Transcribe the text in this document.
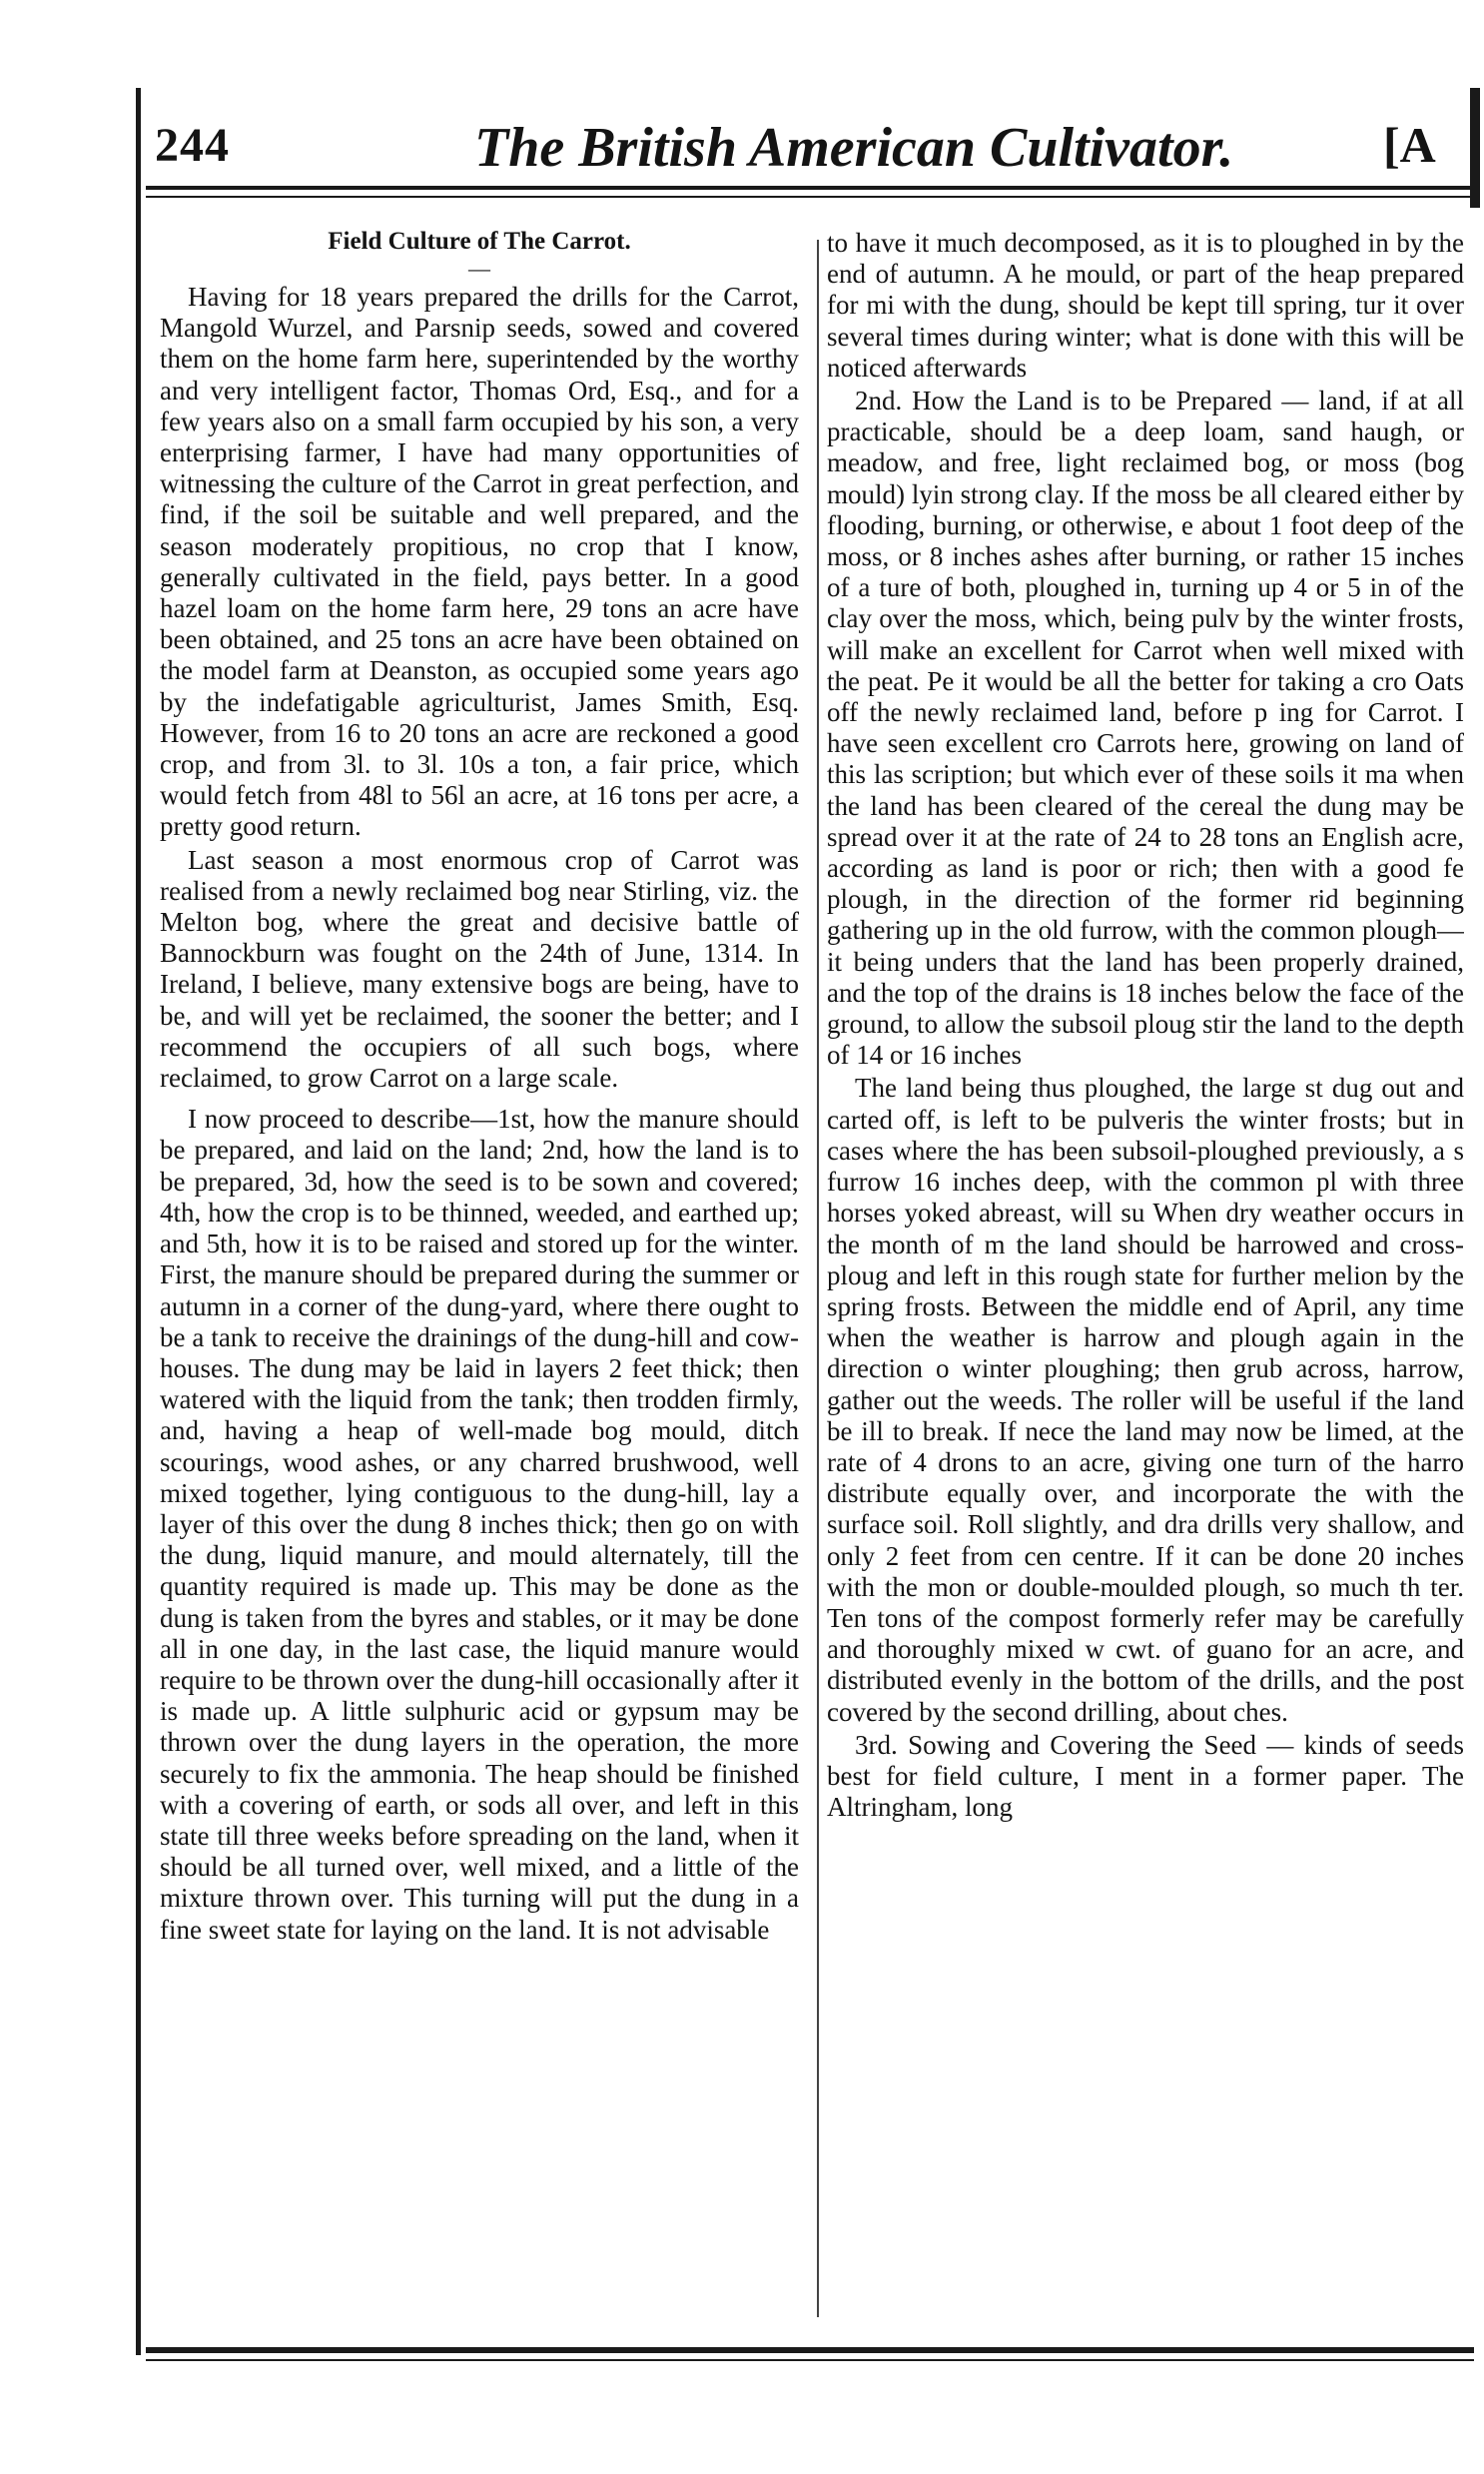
244	The British American Cultivator.	[A
Field Culture of The Carrot.
—

Having for 18 years prepared the drills for the Carrot, Mangold Wurzel, and Parsnip seeds, sowed and covered them on the home farm here, superintended by the worthy and very intelligent factor, Thomas Ord, Esq., and for a few years also on a small farm occupied by his son, a very enterprising farmer, I have had many opportunities of witnessing the culture of the Carrot in great perfection, and find, if the soil be suitable and well prepared, and the season moderately propitious, no crop that I know, generally cultivated in the field, pays better. In a good hazel loam on the home farm here, 29 tons an acre have been obtained, and 25 tons an acre have been obtained on the model farm at Deanston, as occupied some years ago by the indefatigable agriculturist, James Smith, Esq. However, from 16 to 20 tons an acre are reckoned a good crop, and from 3l. to 3l. 10s a ton, a fair price, which would fetch from 48l to 56l an acre, at 16 tons per acre, a pretty good return.

Last season a most enormous crop of Carrot was realised from a newly reclaimed bog near Stirling, viz. the Melton bog, where the great and decisive battle of Bannockburn was fought on the 24th of June, 1314. In Ireland, I believe, many extensive bogs are being, have to be, and will yet be reclaimed, the sooner the better; and I recommend the occupiers of all such bogs, where reclaimed, to grow Carrot on a large scale.

I now proceed to describe—1st, how the manure should be prepared, and laid on the land; 2nd, how the land is to be prepared, 3d, how the seed is to be sown and covered; 4th, how the crop is to be thinned, weeded, and earthed up; and 5th, how it is to be raised and stored up for the winter. First, the manure should be prepared during the summer or autumn in a corner of the dung-yard, where there ought to be a tank to receive the drainings of the dung-hill and cow-houses. The dung may be laid in layers 2 feet thick; then watered with the liquid from the tank; then trodden firmly, and, having a heap of well-made bog mould, ditch scourings, wood ashes, or any charred brushwood, well mixed together, lying contiguous to the dung-hill, lay a layer of this over the dung 8 inches thick; then go on with the dung, liquid manure, and mould alternately, till the quantity required is made up. This may be done as the dung is taken from the byres and stables, or it may be done all in one day, in the last case, the liquid manure would require to be thrown over the dung-hill occasionally after it is made up. A little sulphuric acid or gypsum may be thrown over the dung layers in the operation, the more securely to fix the ammonia. The heap should be finished with a covering of earth, or sods all over, and left in this state till three weeks before spreading on the land, when it should be all turned over, well mixed, and a little of the mixture thrown over. This turning will put the dung in a fine sweet state for laying on the land. It is not advisable

to have it much decomposed, as it is to ploughed in by the end of autumn. A he mould, or part of the heap prepared for mi with the dung, should be kept till spring, tur it over several times during winter; what is done with this will be noticed afterwards

2nd. How the Land is to be Prepared — land, if at all practicable, should be a deep loam, sand haugh, or meadow, and free, light reclaimed bog, or moss (bog mould) lyin strong clay. If the moss be all cleared either by flooding, burning, or otherwise, e about 1 foot deep of the moss, or 8 inches ashes after burning, or rather 15 inches of a ture of both, ploughed in, turning up 4 or 5 in of the clay over the moss, which, being pulv by the winter frosts, will make an excellent for Carrot when well mixed with the peat. Pe it would be all the better for taking a cro Oats off the newly reclaimed land, before p ing for Carrot. I have seen excellent cro Carrots here, growing on land of this las scription; but which ever of these soils it ma when the land has been cleared of the cereal the dung may be spread over it at the rate of 24 to 28 tons an English acre, according as land is poor or rich; then with a good fe plough, in the direction of the former rid beginning gathering up in the old furrow, with the common plough—it being unders that the land has been properly drained, and the top of the drains is 18 inches below the face of the ground, to allow the subsoil ploug stir the land to the depth of 14 or 16 inches

The land being thus ploughed, the large st dug out and carted off, is left to be pulveris the winter frosts; but in cases where the has been subsoil-ploughed previously, a s furrow 16 inches deep, with the common pl with three horses yoked abreast, will su When dry weather occurs in the month of m the land should be harrowed and cross-ploug and left in this rough state for further melion by the spring frosts. Between the middle end of April, any time when the weather is harrow and plough again in the direction o winter ploughing; then grub across, harrow, gather out the weeds. The roller will be useful if the land be ill to break. If nece the land may now be limed, at the rate of 4 drons to an acre, giving one turn of the harro distribute equally over, and incorporate the with the surface soil. Roll slightly, and dra drills very shallow, and only 2 feet from cen centre. If it can be done 20 inches with the mon or double-moulded plough, so much th ter. Ten tons of the compost formerly refer may be carefully and thoroughly mixed w cwt. of guano for an acre, and distributed evenly in the bottom of the drills, and the post covered by the second drilling, about ches.

3rd. Sowing and Covering the Seed — kinds of seeds best for field culture, I ment in a former paper. The Altringham, long
